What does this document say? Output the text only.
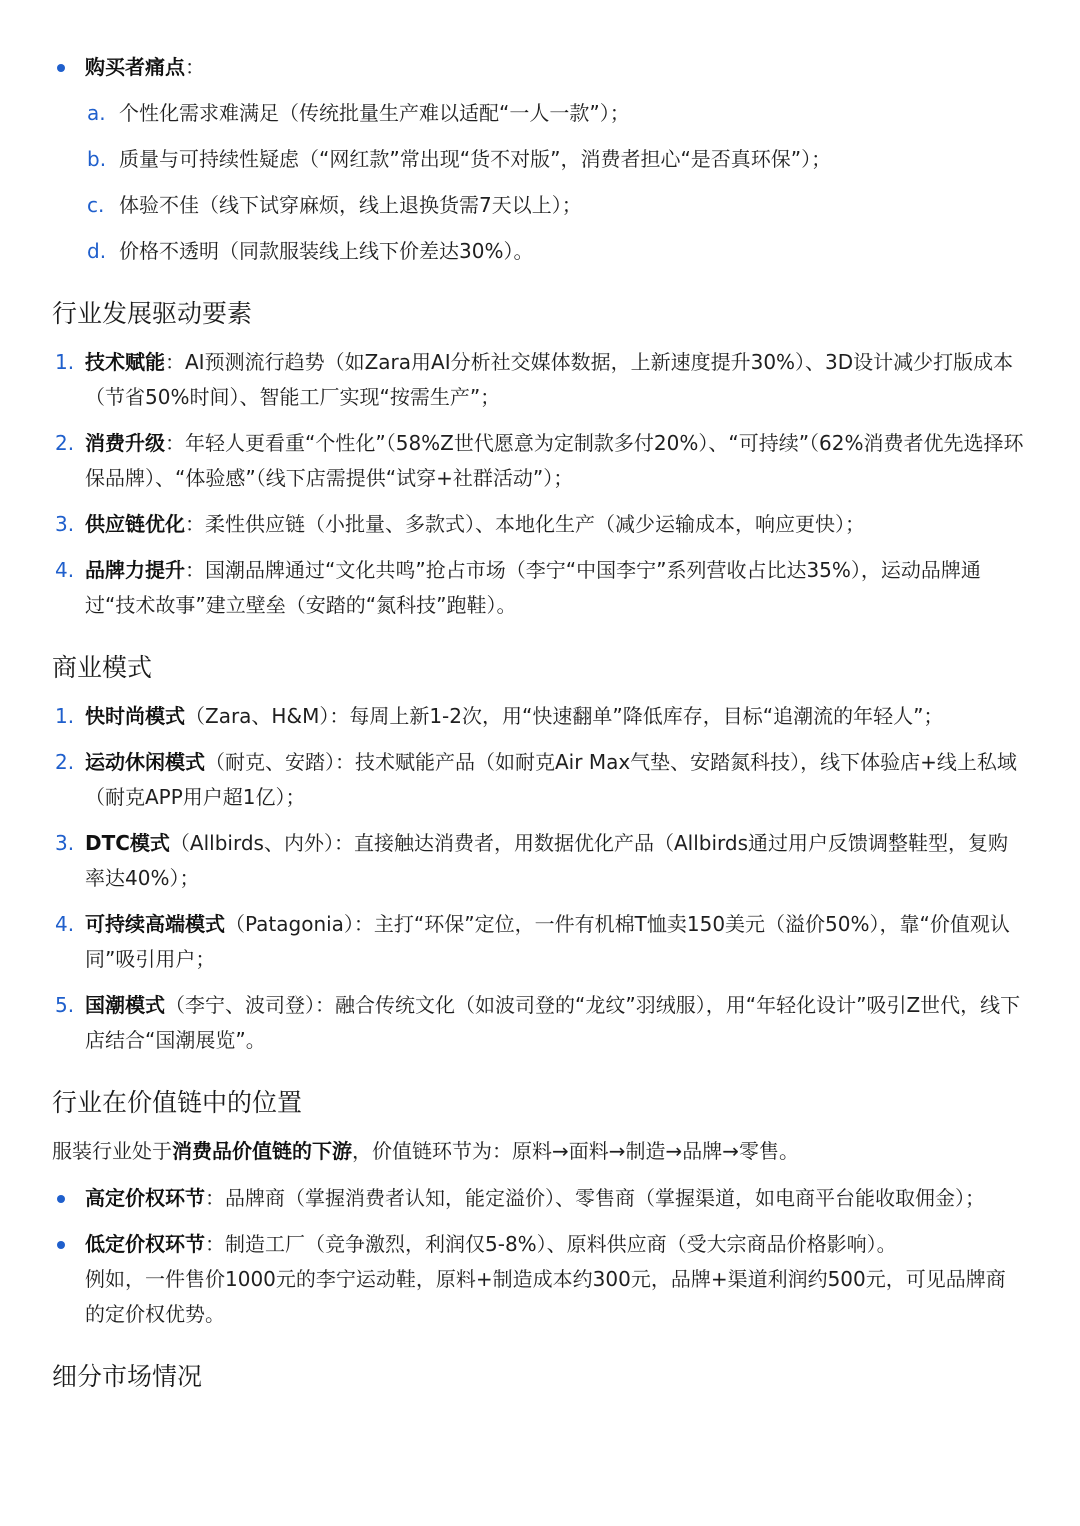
购买者痛点：
a. 个性化需求难满足（传统批量生产难以适配“一人一款”）；
b. 质量与可持续性疑虑（“网红款”常出现“货不对版”，消费者担心“是否真环保”）；
c. 体验不佳（线下试穿麻烦，线上退换货需7天以上）；
d. 价格不透明（同款服装线上线下价差达30%）。
行业发展驱动要素
1. 技术赋能：AI预测流行趋势（如Zara用AI分析社交媒体数据，上新速度提升30%）、3D设计减少打版成本（节省50%时间）、智能工厂实现“按需生产”；
2. 消费升级：年轻人更看重“个性化”（58%Z世代愿意为定制款多付20%）、“可持续”（62%消费者优先选择环保品牌）、“体验感”（线下店需提供“试穿+社群活动”）；
3. 供应链优化：柔性供应链（小批量、多款式）、本地化生产（减少运输成本，响应更快）；
4. 品牌力提升：国潮品牌通过“文化共鸣”抢占市场（李宁“中国李宁”系列营收占比达35%），运动品牌通过“技术故事”建立壁垒（安踏的“氮科技”跑鞋）。
商业模式
1. 快时尚模式（Zara、H&M）：每周上新1-2次，用“快速翻单”降低库存，目标“追潮流的年轻人”；
2. 运动休闲模式（耐克、安踏）：技术赋能产品（如耐克Air Max气垫、安踏氮科技），线下体验店+线上私域（耐克APP用户超1亿）；
3. DTC模式（Allbirds、内外）：直接触达消费者，用数据优化产品（Allbirds通过用户反馈调整鞋型，复购率达40%）；
4. 可持续高端模式（Patagonia）：主打“环保”定位，一件有机棉T恤卖150美元（溢价50%），靠“价值观认同”吸引用户；
5. 国潮模式（李宁、波司登）：融合传统文化（如波司登的“龙纹”羽绒服），用“年轻化设计”吸引Z世代，线下店结合“国潮展览”。
行业在价值链中的位置

服装行业处于消费品价值链的下游，价值链环节为：原料→面料→制造→品牌→零售。

高定价权环节：品牌商（掌握消费者认知，能定溢价）、零售商（掌握渠道，如电商平台能收取佣金）；
低定价权环节：制造工厂（竞争激烈，利润仅5-8%）、原料供应商（受大宗商品价格影响）。
例如，一件售价1000元的李宁运动鞋，原料+制造成本约300元，品牌+渠道利润约500元，可见品牌商的定价权优势。
细分市场情况
